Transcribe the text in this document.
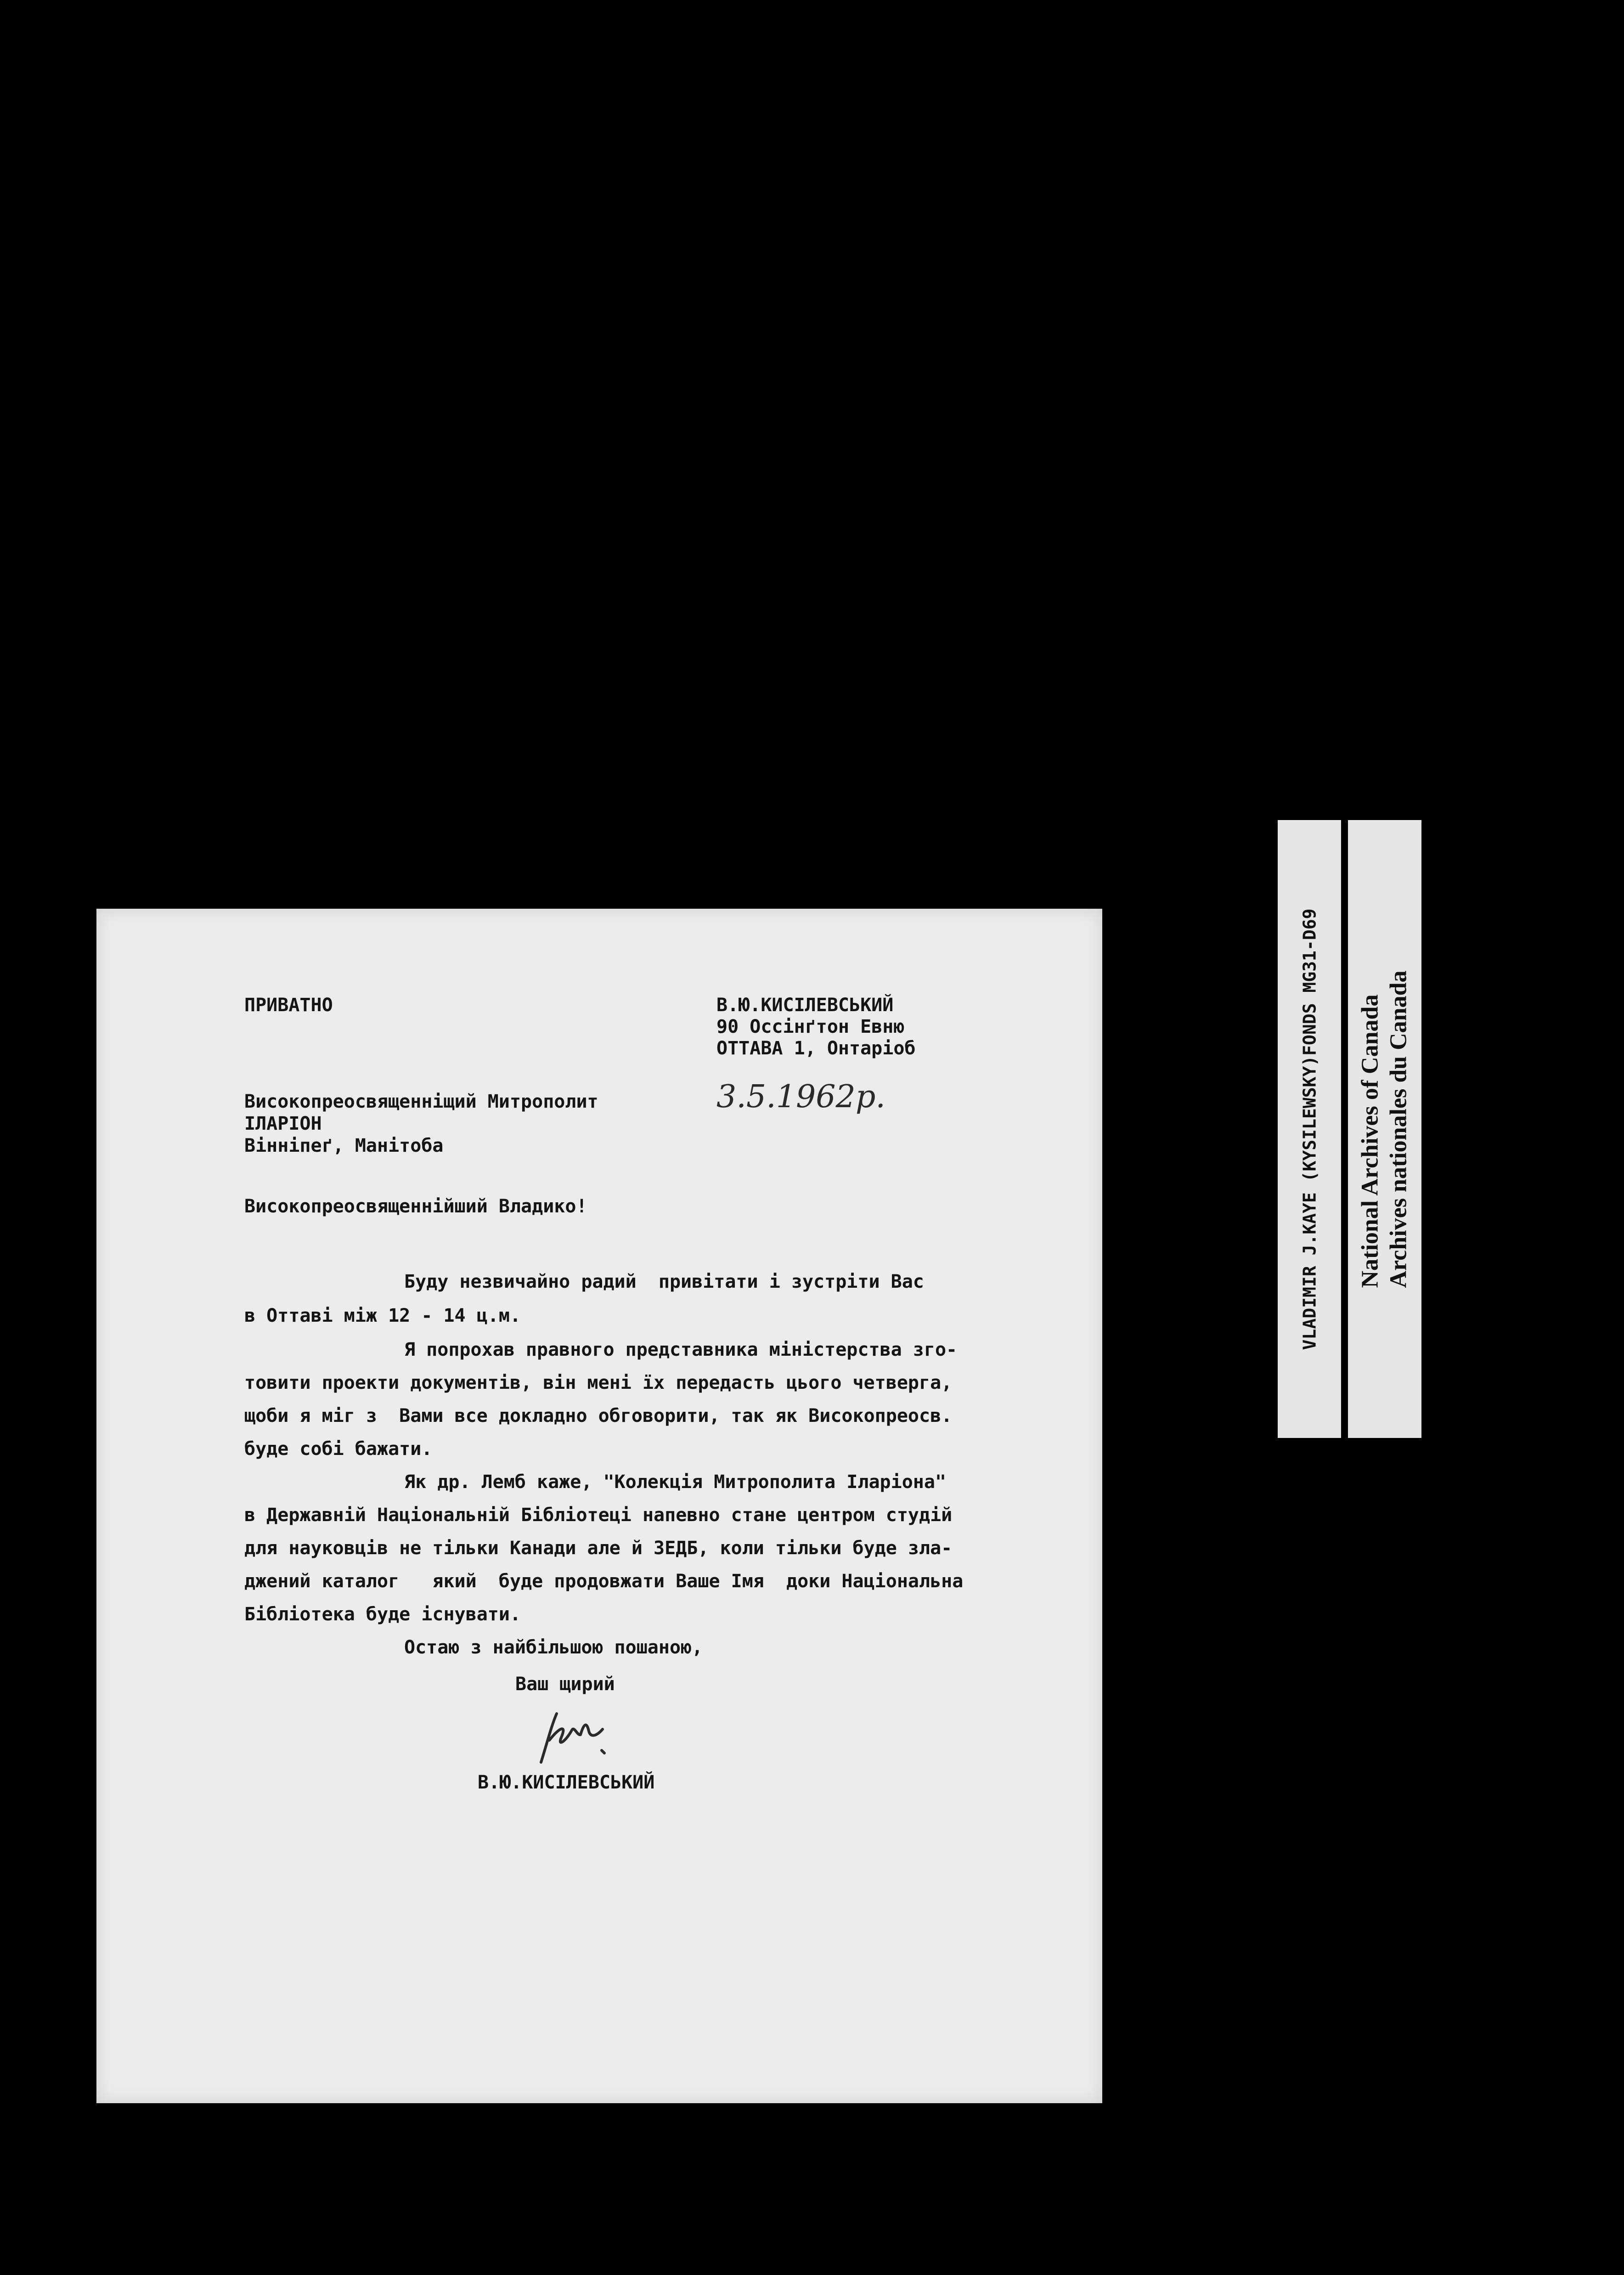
ПРИВАТНО	В.Ю.КИСІЛЕВСЬКИЙ

90 Оссінґтон Евню

ОТТАВА 1, Онтаріоб

3.5.1962р.

Високопреосвященніщий Митрополит

ІЛАРІОН

Вінніпеґ, Манітоба

Високопреосвященнійший Владико!

Буду незвичайно радий  привітати і зустріти Вас

в Оттаві між 12 - 14 ц.м.

Я попрохав правного представника міністерства зго-

товити проекти документів, він мені їх передасть цього четверга,

щоби я міг з  Вами все докладно обговорити, так як Високопреосв.

буде собі бажати.

Як др. Лемб каже, "Колекція Митрополита Іларіона"

в Державній Національній Бібліотеці напевно стане центром студій

для науковців не тільки Канади але й ЗЕДБ, коли тільки буде зла-

джений каталог   який  буде продовжати Ваше Імя  доки Національна

Бібліотека буде існувати.

Остаю з найбільшою пошаною,

Ваш щирий

В.Ю.КИСІЛЕВСЬКИЙ

VLADIMIR J.KAYE (KYSILEWSKY)FONDS MG31-D69 National Archives of Canada Archives nationales du Canada
